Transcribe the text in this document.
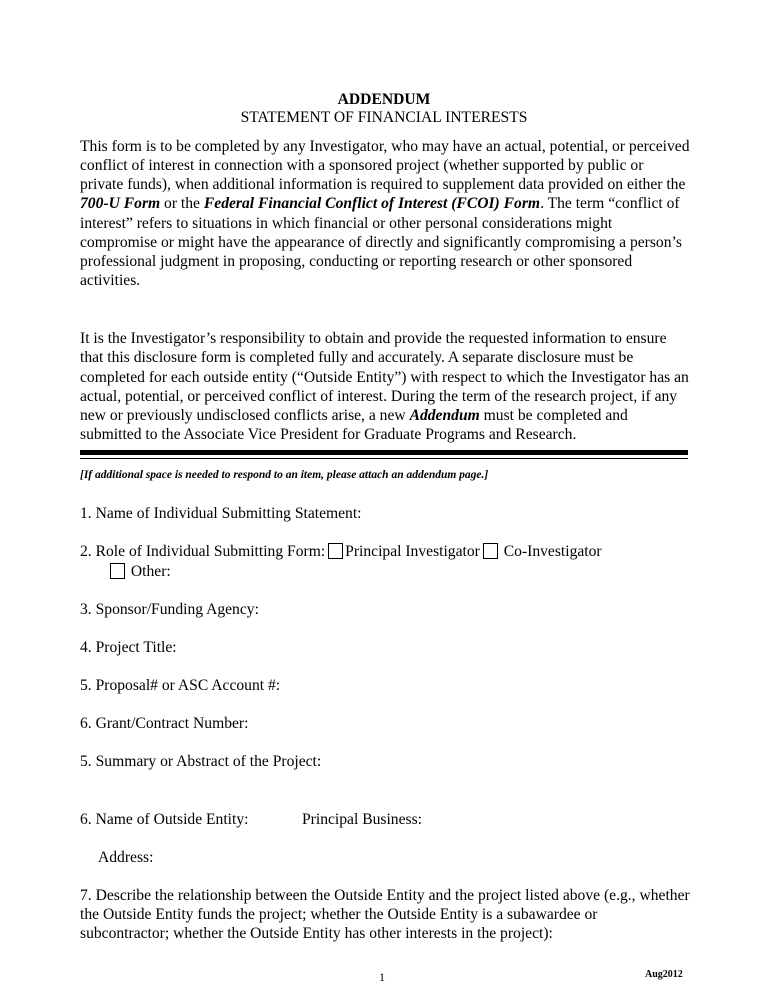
ADDENDUM
STATEMENT OF FINANCIAL INTERESTS
This form is to be completed by any Investigator, who may have an actual, potential, or perceived
conflict of interest in connection with a sponsored project (whether supported by public or
private funds), when additional information is required to supplement data provided on either the
700-U Form or the Federal Financial Conflict of Interest (FCOI) Form. The term “conflict of
interest” refers to situations in which financial or other personal considerations might
compromise or might have the appearance of directly and significantly compromising a person’s
professional judgment in proposing, conducting or reporting research or other sponsored
activities.
It is the Investigator’s responsibility to obtain and provide the requested information to ensure
that this disclosure form is completed fully and accurately. A separate disclosure must be
completed for each outside entity (“Outside Entity”) with respect to which the Investigator has an
actual, potential, or perceived conflict of interest. During the term of the research project, if any
new or previously undisclosed conflicts arise, a new Addendum must be completed and
submitted to the Associate Vice President for Graduate Programs and Research.
[If additional space is needed to respond to an item, please attach an addendum page.]
1. Name of Individual Submitting Statement:
2. Role of Individual Submitting Form: Principal Investigator Co-Investigator
Other:
3. Sponsor/Funding Agency:
4. Project Title:
5. Proposal# or ASC Account #:
6. Grant/Contract Number:
5. Summary or Abstract of the Project:
6. Name of Outside Entity:	Principal Business:
Address:
7. Describe the relationship between the Outside Entity and the project listed above (e.g., whether
the Outside Entity funds the project; whether the Outside Entity is a subawardee or
subcontractor; whether the Outside Entity has other interests in the project):
1	Aug2012
